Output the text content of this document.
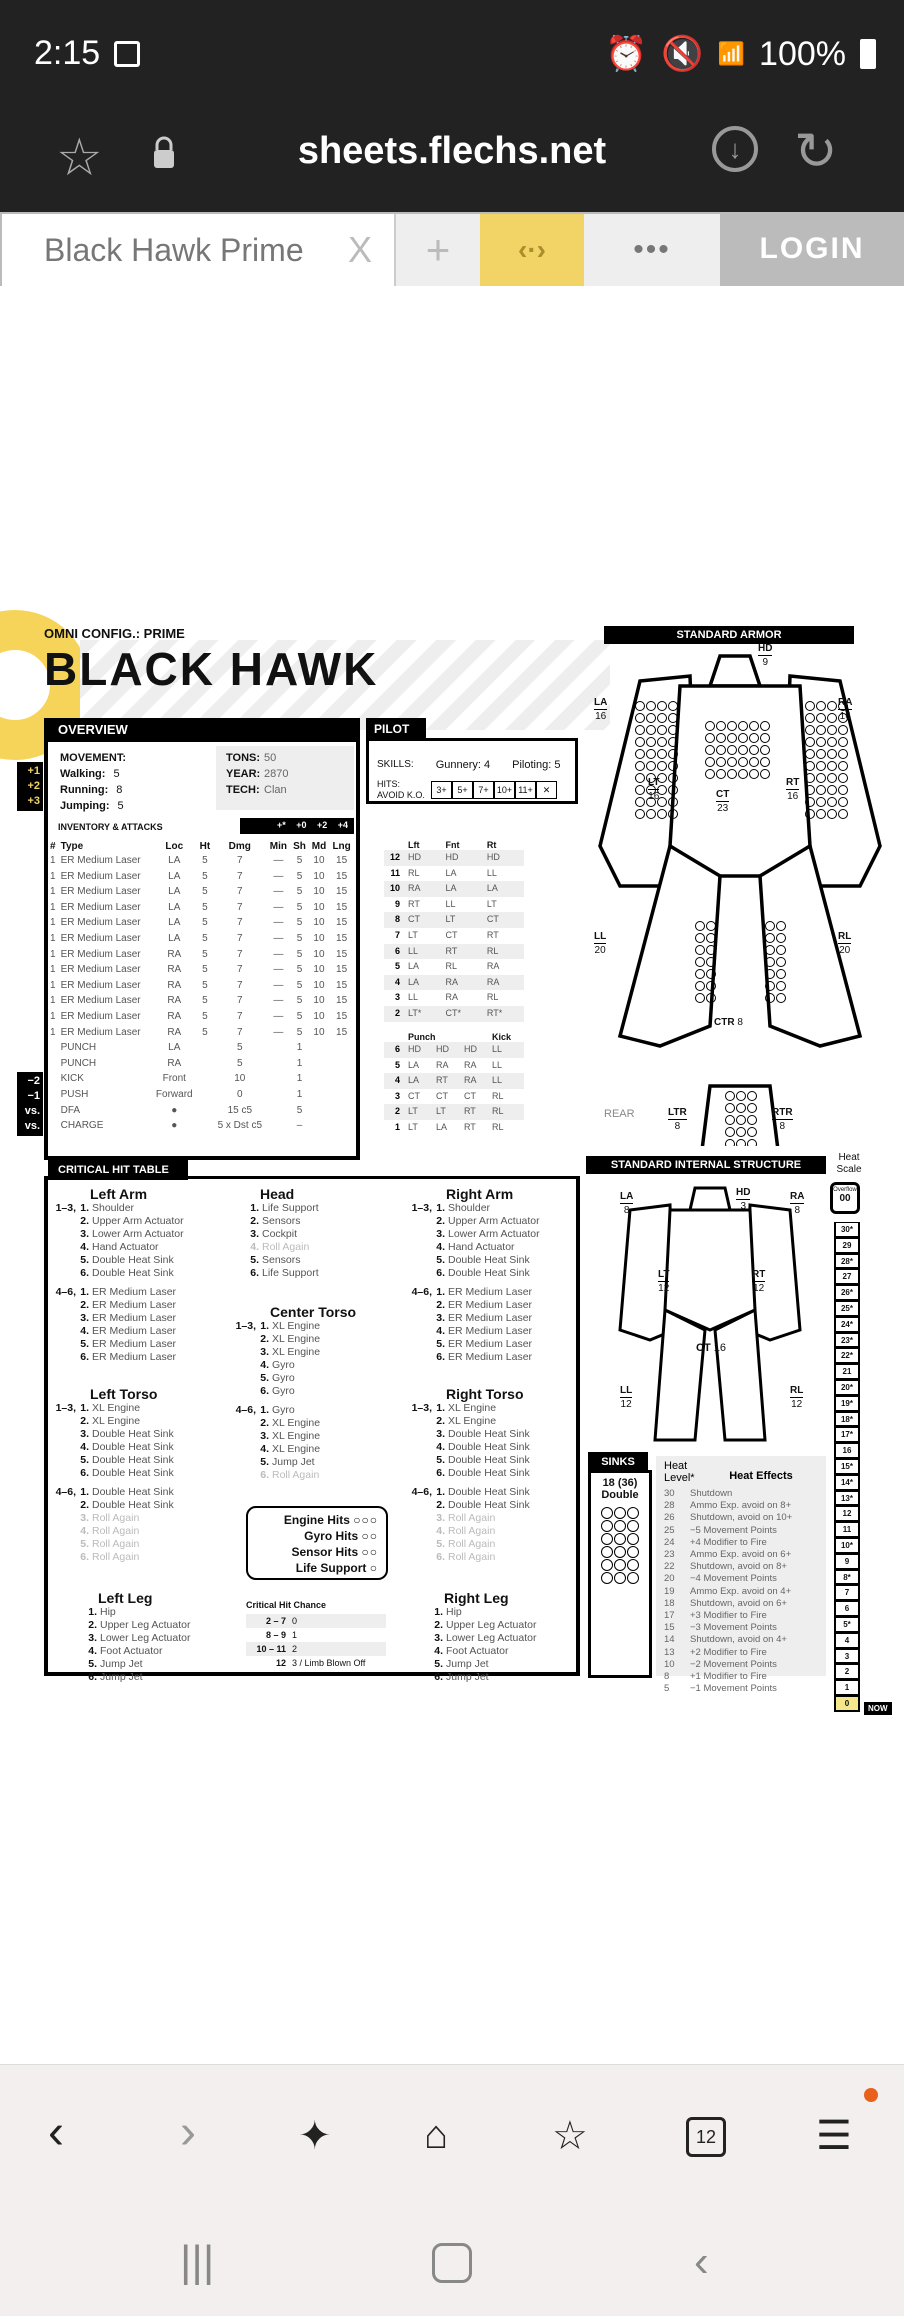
2:15	⏰ 🔇 📶 100%
☆	sheets.flechs.net	↓	↻
Black Hawk Prime X	+	‹·›	•••	LOGIN
OMNI CONFIG.: PRIME
BLACK HAWK
OVERVIEW
+1
+2
+3
MOVEMENT:
Walking: 5
Running: 8
Jumping: 5
TONS: 50
YEAR: 2870
TECH: Clan
INVENTORY & ATTACKS	+* +0 +2 +4
#	Type	Loc	Ht	Dmg	Min	Sh	Md	Lng
1	ER Medium Laser	LA	5	7	—	5	10	15
1	ER Medium Laser	LA	5	7	—	5	10	15
1	ER Medium Laser	LA	5	7	—	5	10	15
1	ER Medium Laser	LA	5	7	—	5	10	15
1	ER Medium Laser	LA	5	7	—	5	10	15
1	ER Medium Laser	LA	5	7	—	5	10	15
1	ER Medium Laser	RA	5	7	—	5	10	15
1	ER Medium Laser	RA	5	7	—	5	10	15
1	ER Medium Laser	RA	5	7	—	5	10	15
1	ER Medium Laser	RA	5	7	—	5	10	15
1	ER Medium Laser	RA	5	7	—	5	10	15
1	ER Medium Laser	RA	5	7	—	5	10	15
	PUNCH	LA		5		1		
	PUNCH	RA		5		1		
	KICK	Front		10		1		
	PUSH	Forward		0		1		
	DFA	●		15 c5		5		
	CHARGE	●		5 x Dst c5		–		
−2
−1
vs.
vs.
SKILLS: Gunnery: 4 Piloting: 5
HITS:
AVOID K.O.	3+	5+	7+ 10+ 11+	✕
PILOT
	Lft	Fnt	Rt
12	HD	HD	HD
11	RL	LA	LL
10	RA	LA	LA
9	RT	LL	LT
8	CT	LT	CT
7	LT	CT	RT
6	LL	RT	RL
5	LA	RL	RA
4	LA	RA	RA
3	LL	RA	RL
2	LT*	CT*	RT*
	Punch			Kick
6	HD	HD	HD	LL
5	LA	RA	RA	LL
4	LA	RT	RA	LL
3	CT	CT	CT	RL
2	LT	LT	RT	RL
1	LT	LA	RT	RL
STANDARD ARMOR
LA
16
RA
16
HD
9
LT
16
RT
16
CT
23
LL
20
RL
20
CTR 8
LTR
8
RTR
8
REAR
CRITICAL HIT TABLE
Left Arm
1–3, 1. Shoulder
2. Upper Arm Actuator
3. Lower Arm Actuator
4. Hand Actuator
5. Double Heat Sink
6. Double Heat Sink
4–6, 1. ER Medium Laser
2. ER Medium Laser
3. ER Medium Laser
4. ER Medium Laser
5. ER Medium Laser
6. ER Medium Laser
Head
1. Life Support
2. Sensors
3. Cockpit
4. Roll Again
5. Sensors
6. Life Support
Right Arm
1–3, 1. Shoulder
2. Upper Arm Actuator
3. Lower Arm Actuator
4. Hand Actuator
5. Double Heat Sink
6. Double Heat Sink
4–6, 1. ER Medium Laser
2. ER Medium Laser
3. ER Medium Laser
4. ER Medium Laser
5. ER Medium Laser
6. ER Medium Laser
Center Torso
1–3, 1. XL Engine
2. XL Engine
3. XL Engine
4. Gyro
5. Gyro
6. Gyro
4–6, 1. Gyro
2. XL Engine
3. XL Engine
4. XL Engine
5. Jump Jet
6. Roll Again
Left Torso
1–3, 1. XL Engine
2. XL Engine
3. Double Heat Sink
4. Double Heat Sink
5. Double Heat Sink
6. Double Heat Sink
4–6, 1. Double Heat Sink
2. Double Heat Sink
3. Roll Again
4. Roll Again
5. Roll Again
6. Roll Again
Right Torso
1–3, 1. XL Engine
2. XL Engine
3. Double Heat Sink
4. Double Heat Sink
5. Double Heat Sink
6. Double Heat Sink
4–6, 1. Double Heat Sink
2. Double Heat Sink
3. Roll Again
4. Roll Again
5. Roll Again
6. Roll Again
Left Leg
1. Hip
2. Upper Leg Actuator
3. Lower Leg Actuator
4. Foot Actuator
5. Jump Jet
6. Jump Jet
Right Leg
1. Hip
2. Upper Leg Actuator
3. Lower Leg Actuator
4. Foot Actuator
5. Jump Jet
6. Jump Jet
Engine Hits ○○○
Gyro Hits ○○
Sensor Hits ○○
Life Support ○
Critical Hit Chance
2 – 7 0
8 – 9 1
10 – 11 2
12 3 / Limb Blown Off
STANDARD INTERNAL STRUCTURE
LA
8
RA
8
HD
3
LT
12
RT
12
CT 16
LL
12
RL
12
Heat Scale
Overflow
00
30*
29
28*
27
26*
25*
24*
23*
22*
21
20*
19*
18*
17*
16
15*
14*
13*
12
11
10*
9
8*
7
6
5*
4
3
2
1
0
NOW
18 (36)
Double
SINKS	Heat Level*	Heat Effects
30	Shutdown
28	Ammo Exp. avoid on 8+
26	Shutdown, avoid on 10+
25	−5 Movement Points
24	+4 Modifier to Fire
23	Ammo Exp. avoid on 6+
22	Shutdown, avoid on 8+
20	−4 Movement Points
19	Ammo Exp. avoid on 4+
18	Shutdown, avoid on 6+
17	+3 Modifier to Fire
15	−3 Movement Points
14	Shutdown, avoid on 4+
13	+2 Modifier to Fire
10	−2 Movement Points
8	+1 Modifier to Fire
5	−1 Movement Points
‹ ›	✦ ⌂	☆	12 ☰
|||	‹
